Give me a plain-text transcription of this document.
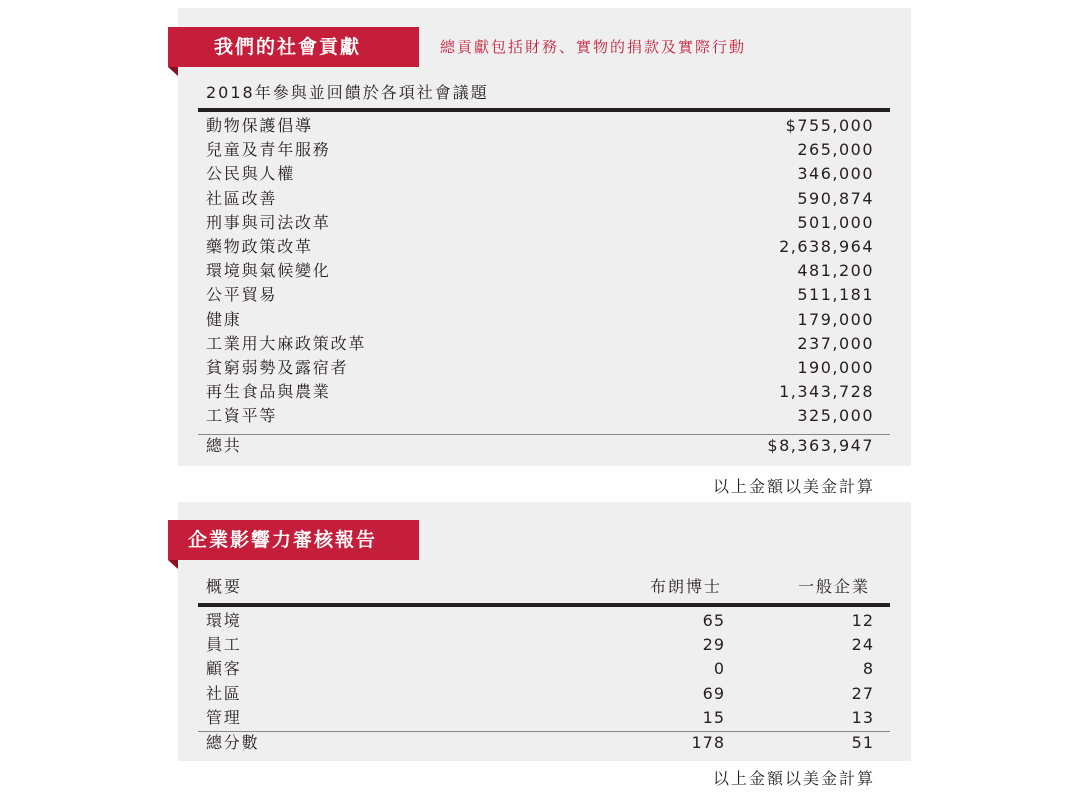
我們的社會貢獻	總貢獻包括財務、實物的捐款及實際行動
2018年參與並回饋於各項社會議題
動物保護倡導	$755,000
兒童及青年服務	265,000
公民與人權	346,000
社區改善	590,874
刑事與司法改革	501,000
藥物政策改革	2,638,964
環境與氣候變化	481,200
公平貿易	511,181
健康	179,000
工業用大麻政策改革	237,000
貧窮弱勢及露宿者	190,000
再生食品與農業	1,343,728
工資平等	325,000
總共	$8,363,947
以上金額以美金計算
企業影響力審核報告
概要	布朗博士	一般企業
環境	65	12
員工	29	24
顧客	0	8
社區	69	27
管理	15	13
總分數	178	51
以上金額以美金計算
